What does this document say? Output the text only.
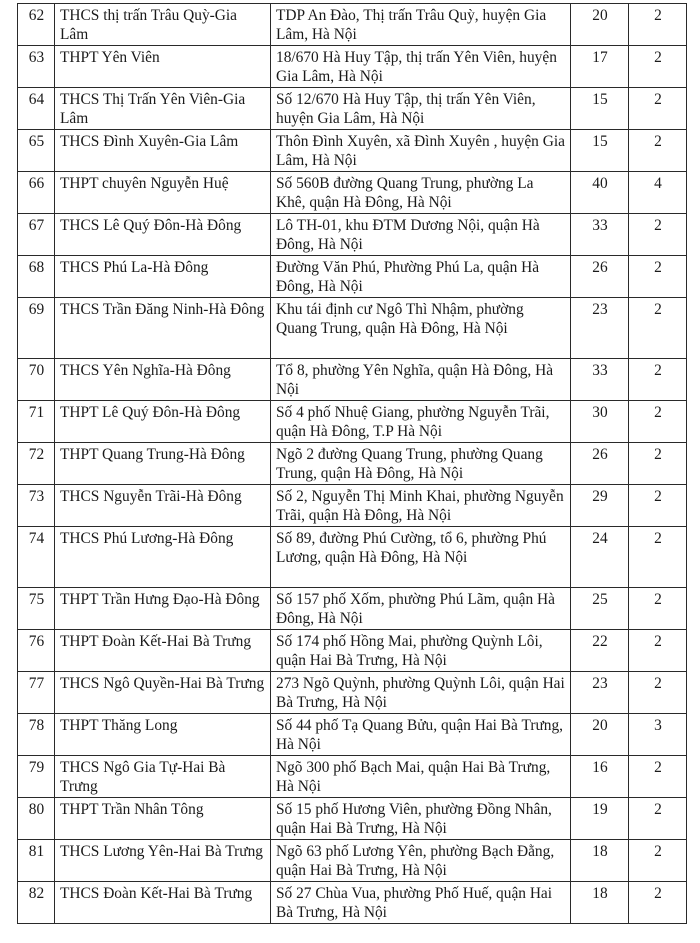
62	THCS thị trấn Trâu Quỳ-Gia Lâm	TDP An Đào, Thị trấn Trâu Quỳ, huyện Gia Lâm, Hà Nội	20	2
63	THPT Yên Viên	18/670 Hà Huy Tập, thị trấn Yên Viên, huyện Gia Lâm, Hà Nội	17	2
64	THCS Thị Trấn Yên Viên-Gia Lâm	Số 12/670 Hà Huy Tập, thị trấn Yên Viên, huyện Gia Lâm, Hà Nội	15	2
65	THCS Đình Xuyên-Gia Lâm	Thôn Đình Xuyên, xã Đình Xuyên , huyện Gia Lâm, Hà Nội	15	2
66	THPT chuyên Nguyễn Huệ	Số 560B đường Quang Trung, phường La Khê, quận Hà Đông, Hà Nội	40	4
67	THCS Lê Quý Đôn-Hà Đông	Lô TH-01, khu ĐTM Dương Nội, quận Hà Đông, Hà Nội	33	2
68	THCS Phú La-Hà Đông	Đường Văn Phú, Phường Phú La, quận Hà Đông, Hà Nội	26	2
69	THCS Trần Đăng Ninh-Hà Đông	Khu tái định cư Ngô Thì Nhậm, phường Quang Trung, quận Hà Đông, Hà Nội	23	2
70	THCS Yên Nghĩa-Hà Đông	Tổ 8, phường Yên Nghĩa, quận Hà Đông, Hà Nội	33	2
71	THPT Lê Quý Đôn-Hà Đông	Số 4 phố Nhuệ Giang, phường Nguyễn Trãi, quận Hà Đông, T.P Hà Nội	30	2
72	THPT Quang Trung-Hà Đông	Ngõ 2 đường Quang Trung, phường Quang Trung, quận Hà Đông, Hà Nội	26	2
73	THCS Nguyễn Trãi-Hà Đông	Số 2, Nguyễn Thị Minh Khai, phường Nguyễn Trãi, quận Hà Đông, Hà Nội	29	2
74	THCS Phú Lương-Hà Đông	Số 89, đường Phú Cường, tổ 6, phường Phú Lương, quận Hà Đông, Hà Nội	24	2
75	THPT Trần Hưng Đạo-Hà Đông	Số 157 phố Xốm, phường Phú Lãm, quận Hà Đông, Hà Nội	25	2
76	THPT Đoàn Kết-Hai Bà Trưng	Số 174 phố Hồng Mai, phường Quỳnh Lôi, quận Hai Bà Trưng, Hà Nội	22	2
77	THCS Ngô Quyền-Hai Bà Trưng	273 Ngõ Quỳnh, phường Quỳnh Lôi, quận Hai Bà Trưng, Hà Nội	23	2
78	THPT Thăng Long	Số 44 phố Tạ Quang Bửu, quận Hai Bà Trưng, Hà Nội	20	3
79	THCS Ngô Gia Tự-Hai Bà Trưng	Ngõ 300 phố Bạch Mai, quận Hai Bà Trưng, Hà Nội	16	2
80	THPT Trần Nhân Tông	Số 15 phố Hương Viên, phường Đồng Nhân, quận Hai Bà Trưng, Hà Nội	19	2
81	THCS Lương Yên-Hai Bà Trưng	Ngõ 63 phố Lương Yên, phường Bạch Đằng, quận Hai Bà Trưng, Hà Nội	18	2
82	THCS Đoàn Kết-Hai Bà Trưng	Số 27 Chùa Vua, phường Phố Huế, quận Hai Bà Trưng, Hà Nội	18	2
